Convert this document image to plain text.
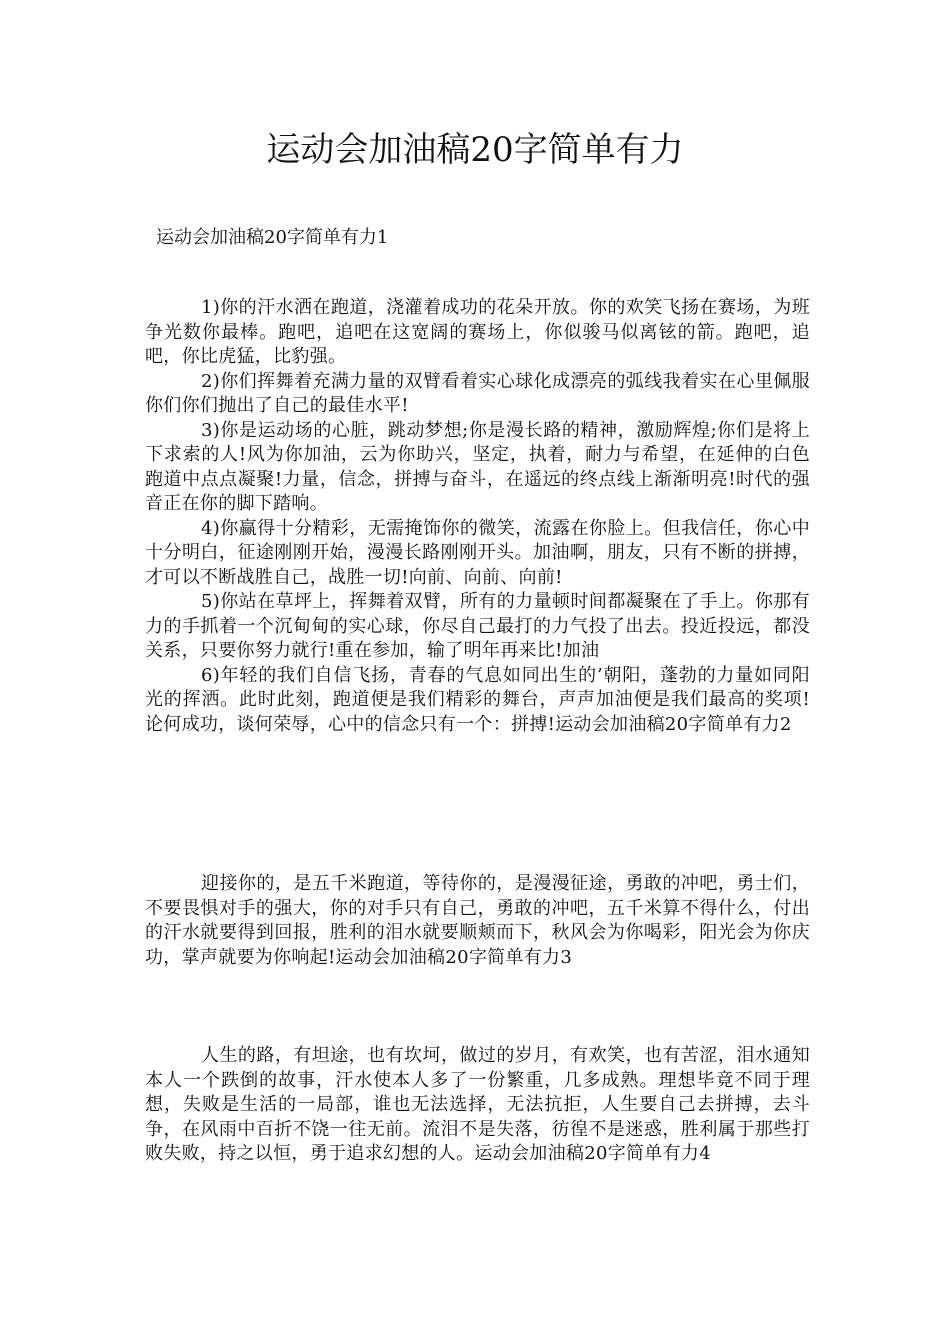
运动会加油稿20字简单有力
运动会加油稿20字简单有力1

1)你的汗水洒在跑道，浇灌着成功的花朵开放。你的欢笑飞扬在赛场，为班争光数你最棒。跑吧，追吧在这宽阔的赛场上，你似骏马似离铉的箭。跑吧，追吧，你比虎猛，比豹强。

2)你们挥舞着充满力量的双臂看着实心球化成漂亮的弧线我着实在心里佩服你们你们抛出了自己的最佳水平!

3)你是运动场的心脏，跳动梦想;你是漫长路的精神，激励辉煌;你们是将上下求索的人!风为你加油，云为你助兴，坚定，执着，耐力与希望，在延伸的白色跑道中点点凝聚!力量，信念，拼搏与奋斗，在遥远的终点线上渐渐明亮!时代的强音正在你的脚下踏响。

4)你赢得十分精彩，无需掩饰你的微笑，流露在你脸上。但我信任，你心中十分明白，征途刚刚开始，漫漫长路刚刚开头。加油啊，朋友，只有不断的拼搏，才可以不断战胜自己，战胜一切!向前、向前、向前!

5)你站在草坪上，挥舞着双臂，所有的力量顿时间都凝聚在了手上。你那有力的手抓着一个沉甸甸的实心球，你尽自己最打的力气投了出去。投近投远，都没关系，只要你努力就行!重在参加，输了明年再来比!加油

6)年轻的我们自信飞扬，青春的气息如同出生的’朝阳，蓬勃的力量如同阳光的挥洒。此时此刻，跑道便是我们精彩的舞台，声声加油便是我们最高的奖项!论何成功，谈何荣辱，心中的信念只有一个：拼搏!运动会加油稿20字简单有力2

迎接你的，是五千米跑道，等待你的，是漫漫征途，勇敢的冲吧，勇士们，不要畏惧对手的强大，你的对手只有自己，勇敢的冲吧，五千米算不得什么，付出的汗水就要得到回报，胜利的泪水就要顺颊而下，秋风会为你喝彩，阳光会为你庆功，掌声就要为你响起!运动会加油稿20字简单有力3

人生的路，有坦途，也有坎坷，做过的岁月，有欢笑，也有苦涩，泪水通知本人一个跌倒的故事，汗水使本人多了一份繁重，几多成熟。理想毕竟不同于理想，失败是生活的一局部，谁也无法选择，无法抗拒，人生要自己去拼搏，去斗争，在风雨中百折不饶一往无前。流泪不是失落，彷徨不是迷惑，胜利属于那些打败失败，持之以恒，勇于追求幻想的人。运动会加油稿20字简单有力4
